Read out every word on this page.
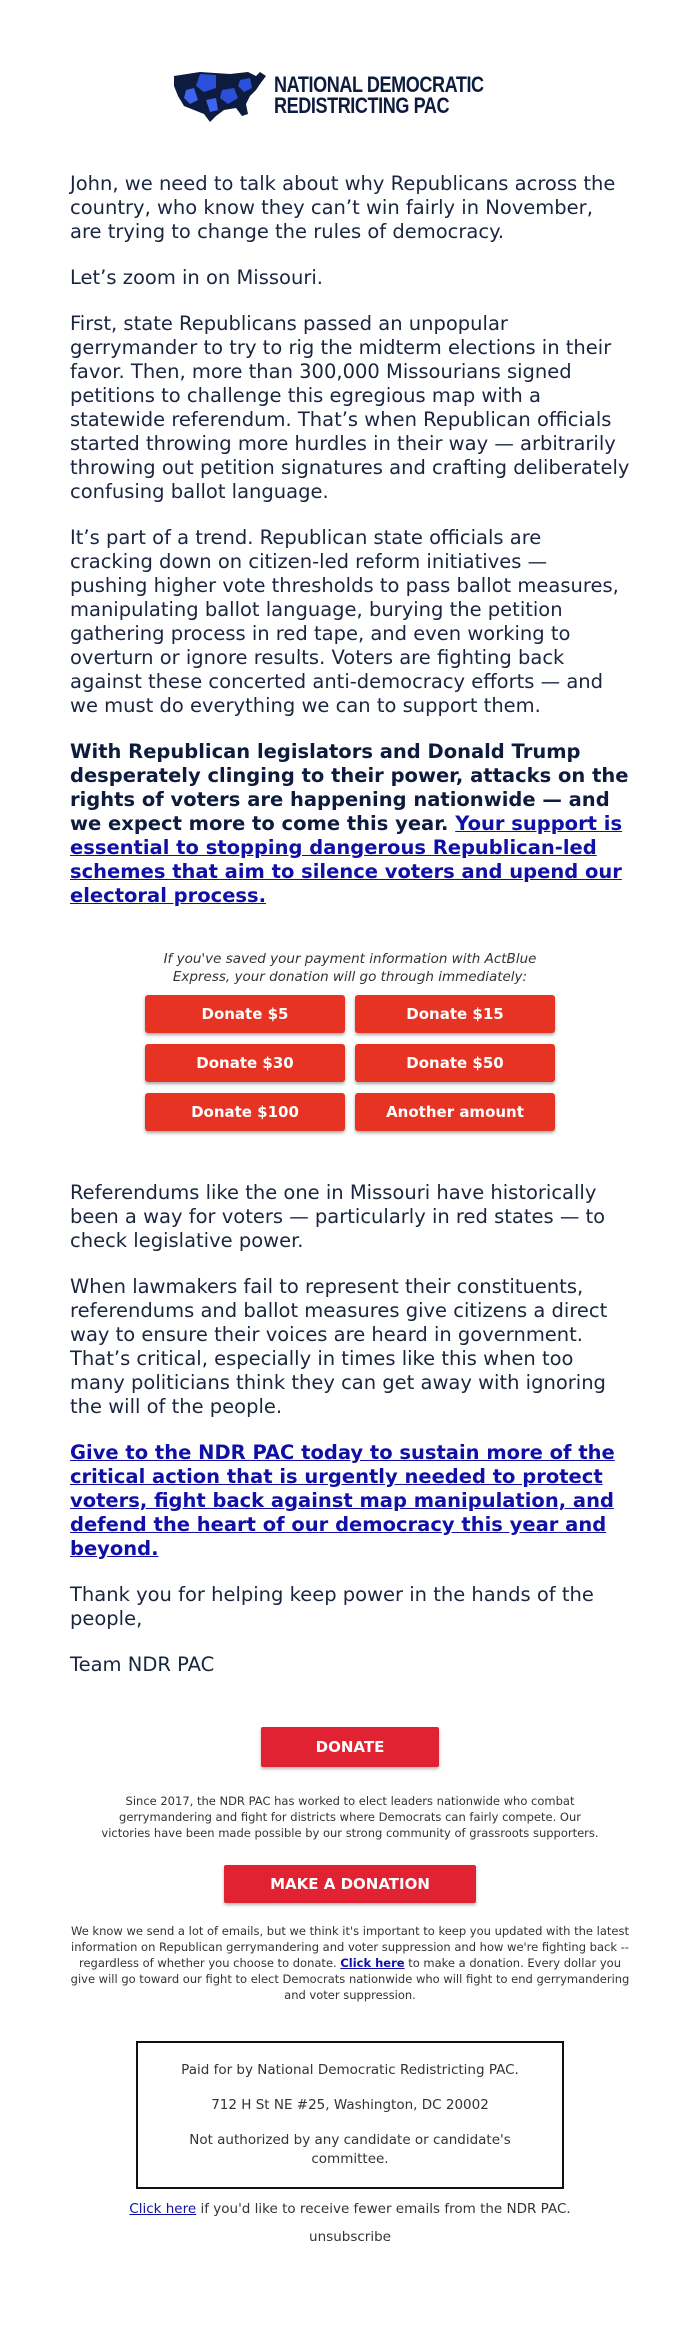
NATIONAL DEMOCRATIC
REDISTRICTING PAC

John, we need to talk about why Republicans across the country, who know they can’t win fairly in November, are trying to change the rules of democracy.

Let’s zoom in on Missouri.

First, state Republicans passed an unpopular gerrymander to try to rig the midterm elections in their favor. Then, more than 300,000 Missourians signed petitions to challenge this egregious map with a statewide referendum. That’s when Republican officials started throwing more hurdles in their way — arbitrarily throwing out petition signatures and crafting deliberately confusing ballot language.

It’s part of a trend. Republican state officials are cracking down on citizen-led reform initiatives — pushing higher vote thresholds to pass ballot measures, manipulating ballot language, burying the petition gathering process in red tape, and even working to overturn or ignore results. Voters are fighting back against these concerted anti-democracy efforts — and we must do everything we can to support them.

With Republican legislators and Donald Trump desperately clinging to their power, attacks on the rights of voters are happening nationwide — and we expect more to come this year. Your support is essential to stopping dangerous Republican-led schemes that aim to silence voters and upend our electoral process.

If you've saved your payment information with ActBlue Express, your donation will go through immediately:
Donate $5	Donate $15
Donate $30	Donate $50
Donate $100	Another amount

Referendums like the one in Missouri have historically been a way for voters — particularly in red states — to check legislative power.

When lawmakers fail to represent their constituents, referendums and ballot measures give citizens a direct way to ensure their voices are heard in government. That’s critical, especially in times like this when too many politicians think they can get away with ignoring the will of the people.

Give to the NDR PAC today to sustain more of the critical action that is urgently needed to protect voters, fight back against map manipulation, and defend the heart of our democracy this year and beyond.

Thank you for helping keep power in the hands of the people,

Team NDR PAC

DONATE
Since 2017, the NDR PAC has worked to elect leaders nationwide who combat gerrymandering and fight for districts where Democrats can fairly compete. Our victories have been made possible by our strong community of grassroots supporters.
MAKE A DONATION
We know we send a lot of emails, but we think it's important to keep you updated with the latest information on Republican gerrymandering and voter suppression and how we're fighting back -- regardless of whether you choose to donate. Click here to make a donation. Every dollar you give will go toward our fight to elect Democrats nationwide who will fight to end gerrymandering and voter suppression.
Paid for by National Democratic Redistricting PAC.
712 H St NE #25, Washington, DC 20002
Not authorized by any candidate or candidate's committee.
Click here if you'd like to receive fewer emails from the NDR PAC.
unsubscribe
